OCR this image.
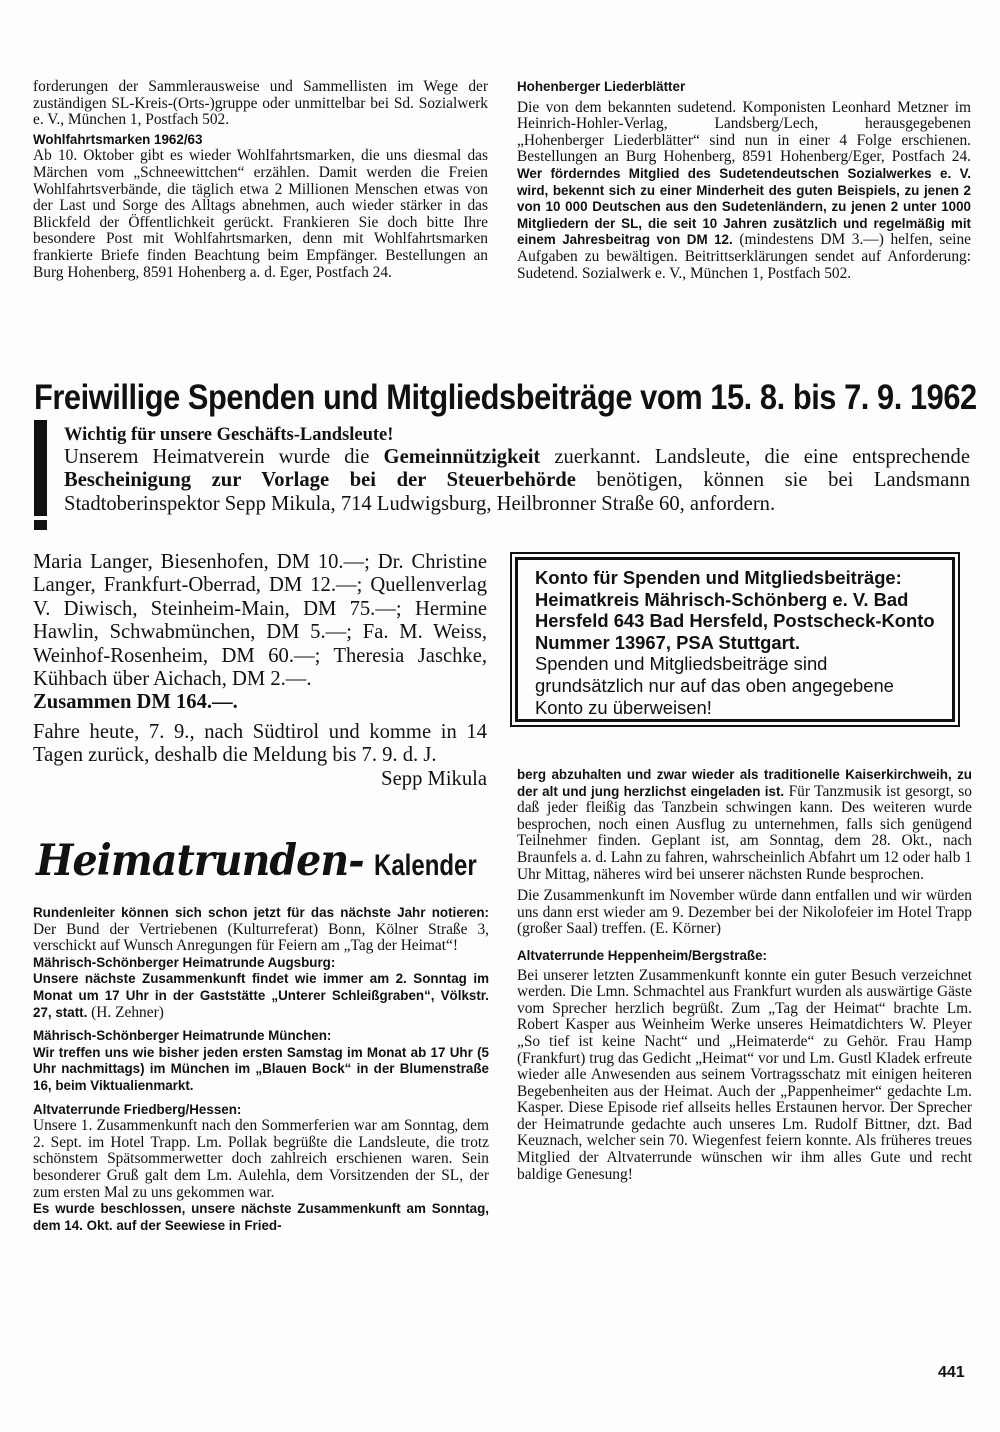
forderungen der Sammlerausweise und Sammellisten im Wege der zuständigen SL-Kreis-(Orts-)gruppe oder unmittelbar bei Sd. Sozialwerk e. V., München 1, Postfach 502.

Wohlfahrtsmarken 1962/63

Ab 10. Oktober gibt es wieder Wohlfahrtsmarken, die uns diesmal das Märchen vom „Schneewittchen“ erzählen. Damit werden die Freien Wohlfahrtsverbände, die täglich etwa 2 Millionen Menschen etwas von der Last und Sorge des Alltags abnehmen, auch wieder stärker in das Blickfeld der Öffentlichkeit gerückt. Frankieren Sie doch bitte Ihre besondere Post mit Wohlfahrtsmarken, denn mit Wohlfahrtsmarken frankierte Briefe finden Beachtung beim Empfänger. Bestellungen an Burg Hohenberg, 8591 Hohenberg a. d. Eger, Postfach 24.

Hohenberger Liederblätter

Die von dem bekannten sudetend. Komponisten Leonhard Metzner im Heinrich-Hohler-Verlag, Landsberg/Lech, herausgegebenen „Hohenberger Liederblätter“ sind nun in einer 4 Folge erschienen. Bestellungen an Burg Hohenberg, 8591 Hohenberg/Eger, Postfach 24. Wer förderndes Mitglied des Sudetendeutschen Sozialwerkes e. V. wird, bekennt sich zu einer Minderheit des guten Beispiels, zu jenen 2 von 10 000 Deutschen aus den Sudetenländern, zu jenen 2 unter 1000 Mitgliedern der SL, die seit 10 Jahren zusätzlich und regelmäßig mit einem Jahresbeitrag von DM 12. (mindestens DM 3.—) helfen, seine Aufgaben zu bewältigen. Beitrittserklärungen sendet auf Anforderung: Sudetend. Sozialwerk e. V., München 1, Postfach 502.

Freiwillige Spenden und Mitgliedsbeiträge vom 15. 8. bis 7. 9. 1962
Wichtig für unsere Geschäfts-Landsleute!
Unserem Heimatverein wurde die Gemeinnützigkeit zuerkannt. Landsleute, die eine entsprechende Bescheinigung zur Vorlage bei der Steuerbehörde benötigen, können sie bei Landsmann Stadtoberinspektor Sepp Mikula, 714 Ludwigsburg, Heilbronner Straße 60, anfordern.

Maria Langer, Biesenhofen, DM 10.—; Dr. Christine Langer, Frankfurt-Oberrad, DM 12.—; Quellenverlag V. Diwisch, Steinheim-Main, DM 75.—; Hermine Hawlin, Schwabmünchen, DM 5.—; Fa. M. Weiss, Weinhof-Rosenheim, DM 60.—; Theresia Jaschke, Kühbach über Aichach, DM 2.—.

Zusammen DM 164.—.

Fahre heute, 7. 9., nach Südtirol und komme in 14 Tagen zurück, deshalb die Meldung bis 7. 9. d. J.
Sepp Mikula

Konto für Spenden und Mitgliedsbeiträge: Heimatkreis Mährisch-Schönberg e. V. Bad Hersfeld 643 Bad Hersfeld, Postscheck-Konto Nummer 13967, PSA Stuttgart.
Spenden und Mitgliedsbeiträge sind grundsätzlich nur auf das oben angegebene Konto zu überweisen!
Heimatrunden- Kalender

Rundenleiter können sich schon jetzt für das nächste Jahr notieren: Der Bund der Vertriebenen (Kulturreferat) Bonn, Kölner Straße 3, verschickt auf Wunsch Anregungen für Feiern am „Tag der Heimat“!

Mährisch-Schönberger Heimatrunde Augsburg:

Unsere nächste Zusammenkunft findet wie immer am 2. Sonntag im Monat um 17 Uhr in der Gaststätte „Unterer Schleißgraben“, Völkstr. 27, statt. (H. Zehner)

Mährisch-Schönberger Heimatrunde München:

Wir treffen uns wie bisher jeden ersten Samstag im Monat ab 17 Uhr (5 Uhr nachmittags) im München im „Blauen Bock“ in der Blumenstraße 16, beim Viktualienmarkt.

Altvaterrunde Friedberg/Hessen:

Unsere 1. Zusammenkunft nach den Sommerferien war am Sonntag, dem 2. Sept. im Hotel Trapp. Lm. Pollak begrüßte die Landsleute, die trotz schönstem Spätsommerwetter doch zahlreich erschienen waren. Sein besonderer Gruß galt dem Lm. Aulehla, dem Vorsitzenden der SL, der zum ersten Mal zu uns gekommen war.

Es wurde beschlossen, unsere nächste Zusammenkunft am Sonntag, dem 14. Okt. auf der Seewiese in Fried-

berg abzuhalten und zwar wieder als traditionelle Kaiserkirchweih, zu der alt und jung herzlichst eingeladen ist. Für Tanzmusik ist gesorgt, so daß jeder fleißig das Tanzbein schwingen kann. Des weiteren wurde besprochen, noch einen Ausflug zu unternehmen, falls sich genügend Teilnehmer finden. Geplant ist, am Sonntag, dem 28. Okt., nach Braunfels a. d. Lahn zu fahren, wahrscheinlich Abfahrt um 12 oder halb 1 Uhr Mittag, näheres wird bei unserer nächsten Runde besprochen.

Die Zusammenkunft im November würde dann entfallen und wir würden uns dann erst wieder am 9. Dezember bei der Nikolofeier im Hotel Trapp (großer Saal) treffen. (E. Körner)

Altvaterrunde Heppenheim/Bergstraße:

Bei unserer letzten Zusammenkunft konnte ein guter Besuch verzeichnet werden. Die Lmn. Schmachtel aus Frankfurt wurden als auswärtige Gäste vom Sprecher herzlich begrüßt. Zum „Tag der Heimat“ brachte Lm. Robert Kasper aus Weinheim Werke unseres Heimatdichters W. Pleyer „So tief ist keine Nacht“ und „Heimaterde“ zu Gehör. Frau Hamp (Frankfurt) trug das Gedicht „Heimat“ vor und Lm. Gustl Kladek erfreute wieder alle Anwesenden aus seinem Vortragsschatz mit einigen heiteren Begebenheiten aus der Heimat. Auch der „Pappenheimer“ gedachte Lm. Kasper. Diese Episode rief allseits helles Erstaunen hervor. Der Sprecher der Heimatrunde gedachte auch unseres Lm. Rudolf Bittner, dzt. Bad Keuznach, welcher sein 70. Wiegenfest feiern konnte. Als früheres treues Mitglied der Altvaterrunde wünschen wir ihm alles Gute und recht baldige Genesung!

441
